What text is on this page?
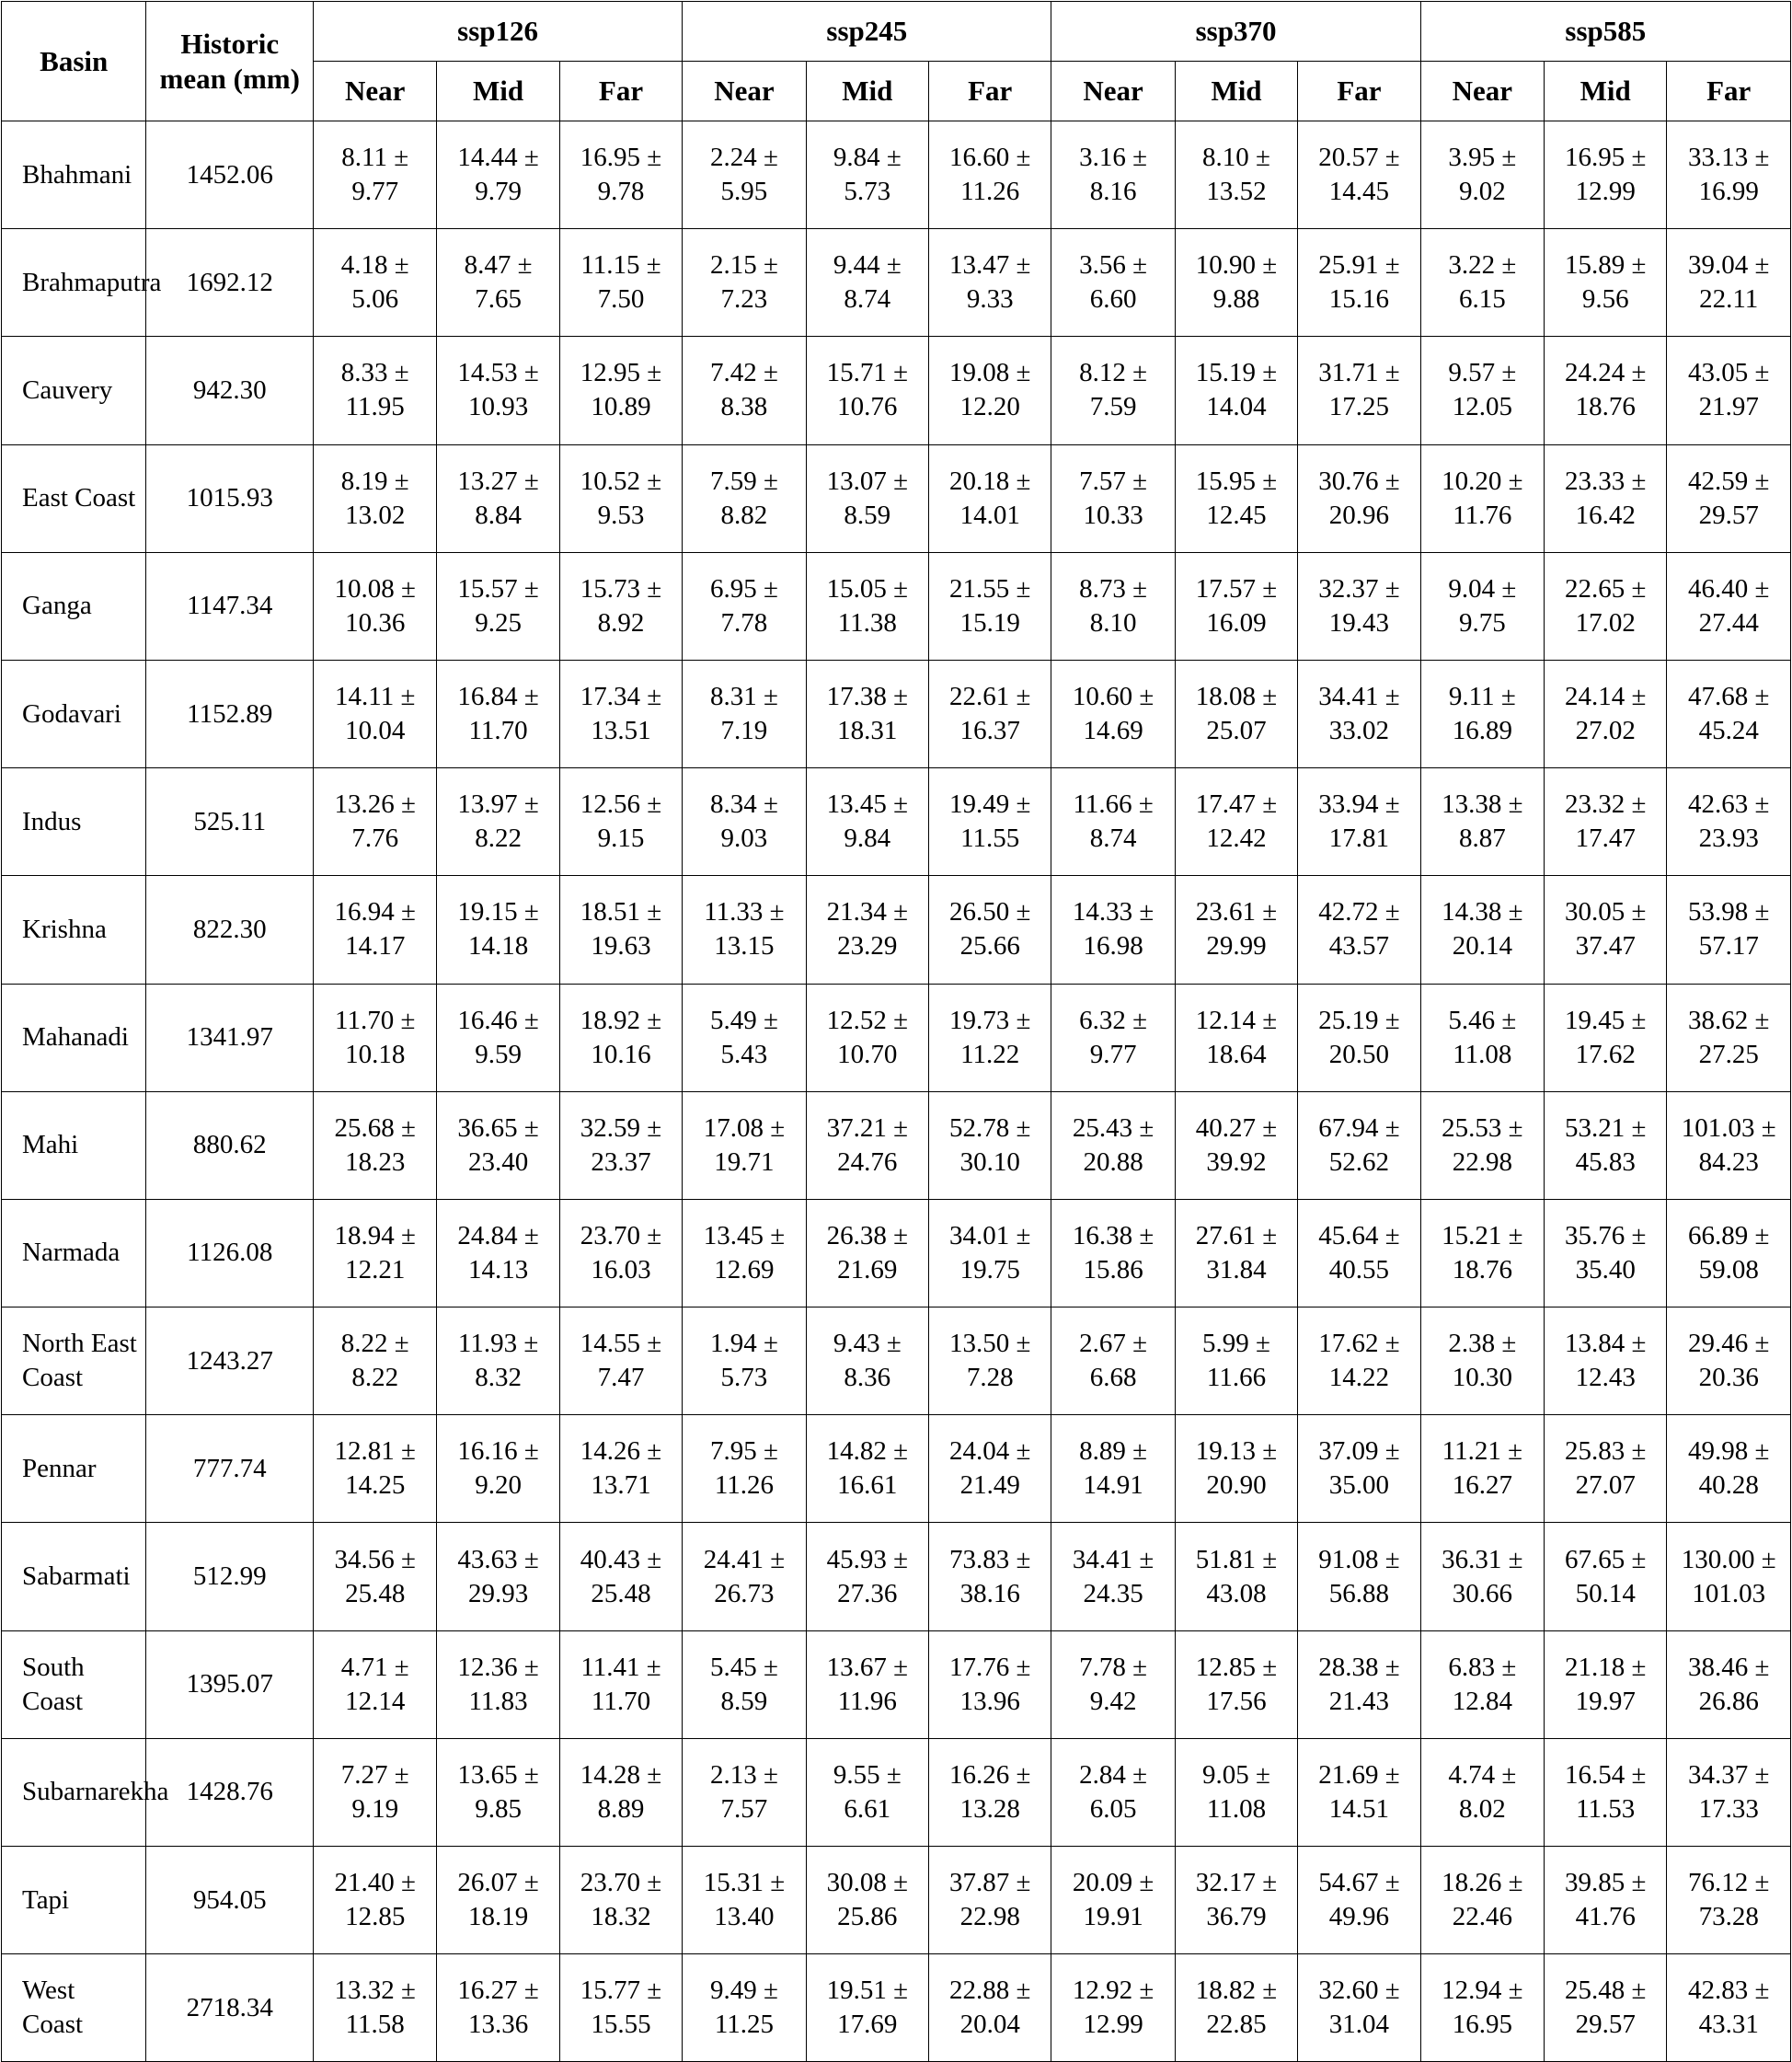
Basin	Historic mean (mm)	ssp126			ssp245			ssp370			ssp585		
		Near	Mid	Far	Near	Mid	Far	Near	Mid	Far	Near	Mid	Far
Bhahmani	1452.06	8.11 ± 9.77	14.44 ± 9.79	16.95 ± 9.78	2.24 ± 5.95	9.84 ± 5.73	16.60 ± 11.26	3.16 ± 8.16	8.10 ± 13.52	20.57 ± 14.45	3.95 ± 9.02	16.95 ± 12.99	33.13 ± 16.99
Brahmaputra	1692.12	4.18 ± 5.06	8.47 ± 7.65	11.15 ± 7.50	2.15 ± 7.23	9.44 ± 8.74	13.47 ± 9.33	3.56 ± 6.60	10.90 ± 9.88	25.91 ± 15.16	3.22 ± 6.15	15.89 ± 9.56	39.04 ± 22.11
Cauvery	942.30	8.33 ± 11.95	14.53 ± 10.93	12.95 ± 10.89	7.42 ± 8.38	15.71 ± 10.76	19.08 ± 12.20	8.12 ± 7.59	15.19 ± 14.04	31.71 ± 17.25	9.57 ± 12.05	24.24 ± 18.76	43.05 ± 21.97
East Coast	1015.93	8.19 ± 13.02	13.27 ± 8.84	10.52 ± 9.53	7.59 ± 8.82	13.07 ± 8.59	20.18 ± 14.01	7.57 ± 10.33	15.95 ± 12.45	30.76 ± 20.96	10.20 ± 11.76	23.33 ± 16.42	42.59 ± 29.57
Ganga	1147.34	10.08 ± 10.36	15.57 ± 9.25	15.73 ± 8.92	6.95 ± 7.78	15.05 ± 11.38	21.55 ± 15.19	8.73 ± 8.10	17.57 ± 16.09	32.37 ± 19.43	9.04 ± 9.75	22.65 ± 17.02	46.40 ± 27.44
Godavari	1152.89	14.11 ± 10.04	16.84 ± 11.70	17.34 ± 13.51	8.31 ± 7.19	17.38 ± 18.31	22.61 ± 16.37	10.60 ± 14.69	18.08 ± 25.07	34.41 ± 33.02	9.11 ± 16.89	24.14 ± 27.02	47.68 ± 45.24
Indus	525.11	13.26 ± 7.76	13.97 ± 8.22	12.56 ± 9.15	8.34 ± 9.03	13.45 ± 9.84	19.49 ± 11.55	11.66 ± 8.74	17.47 ± 12.42	33.94 ± 17.81	13.38 ± 8.87	23.32 ± 17.47	42.63 ± 23.93
Krishna	822.30	16.94 ± 14.17	19.15 ± 14.18	18.51 ± 19.63	11.33 ± 13.15	21.34 ± 23.29	26.50 ± 25.66	14.33 ± 16.98	23.61 ± 29.99	42.72 ± 43.57	14.38 ± 20.14	30.05 ± 37.47	53.98 ± 57.17
Mahanadi	1341.97	11.70 ± 10.18	16.46 ± 9.59	18.92 ± 10.16	5.49 ± 5.43	12.52 ± 10.70	19.73 ± 11.22	6.32 ± 9.77	12.14 ± 18.64	25.19 ± 20.50	5.46 ± 11.08	19.45 ± 17.62	38.62 ± 27.25
Mahi	880.62	25.68 ± 18.23	36.65 ± 23.40	32.59 ± 23.37	17.08 ± 19.71	37.21 ± 24.76	52.78 ± 30.10	25.43 ± 20.88	40.27 ± 39.92	67.94 ± 52.62	25.53 ± 22.98	53.21 ± 45.83	101.03 ± 84.23
Narmada	1126.08	18.94 ± 12.21	24.84 ± 14.13	23.70 ± 16.03	13.45 ± 12.69	26.38 ± 21.69	34.01 ± 19.75	16.38 ± 15.86	27.61 ± 31.84	45.64 ± 40.55	15.21 ± 18.76	35.76 ± 35.40	66.89 ± 59.08
North East Coast	1243.27	8.22 ± 8.22	11.93 ± 8.32	14.55 ± 7.47	1.94 ± 5.73	9.43 ± 8.36	13.50 ± 7.28	2.67 ± 6.68	5.99 ± 11.66	17.62 ± 14.22	2.38 ± 10.30	13.84 ± 12.43	29.46 ± 20.36
Pennar	777.74	12.81 ± 14.25	16.16 ± 9.20	14.26 ± 13.71	7.95 ± 11.26	14.82 ± 16.61	24.04 ± 21.49	8.89 ± 14.91	19.13 ± 20.90	37.09 ± 35.00	11.21 ± 16.27	25.83 ± 27.07	49.98 ± 40.28
Sabarmati	512.99	34.56 ± 25.48	43.63 ± 29.93	40.43 ± 25.48	24.41 ± 26.73	45.93 ± 27.36	73.83 ± 38.16	34.41 ± 24.35	51.81 ± 43.08	91.08 ± 56.88	36.31 ± 30.66	67.65 ± 50.14	130.00 ± 101.03
South Coast	1395.07	4.71 ± 12.14	12.36 ± 11.83	11.41 ± 11.70	5.45 ± 8.59	13.67 ± 11.96	17.76 ± 13.96	7.78 ± 9.42	12.85 ± 17.56	28.38 ± 21.43	6.83 ± 12.84	21.18 ± 19.97	38.46 ± 26.86
Subarnarekha	1428.76	7.27 ± 9.19	13.65 ± 9.85	14.28 ± 8.89	2.13 ± 7.57	9.55 ± 6.61	16.26 ± 13.28	2.84 ± 6.05	9.05 ± 11.08	21.69 ± 14.51	4.74 ± 8.02	16.54 ± 11.53	34.37 ± 17.33
Tapi	954.05	21.40 ± 12.85	26.07 ± 18.19	23.70 ± 18.32	15.31 ± 13.40	30.08 ± 25.86	37.87 ± 22.98	20.09 ± 19.91	32.17 ± 36.79	54.67 ± 49.96	18.26 ± 22.46	39.85 ± 41.76	76.12 ± 73.28
West Coast	2718.34	13.32 ± 11.58	16.27 ± 13.36	15.77 ± 15.55	9.49 ± 11.25	19.51 ± 17.69	22.88 ± 20.04	12.92 ± 12.99	18.82 ± 22.85	32.60 ± 31.04	12.94 ± 16.95	25.48 ± 29.57	42.83 ± 43.31
